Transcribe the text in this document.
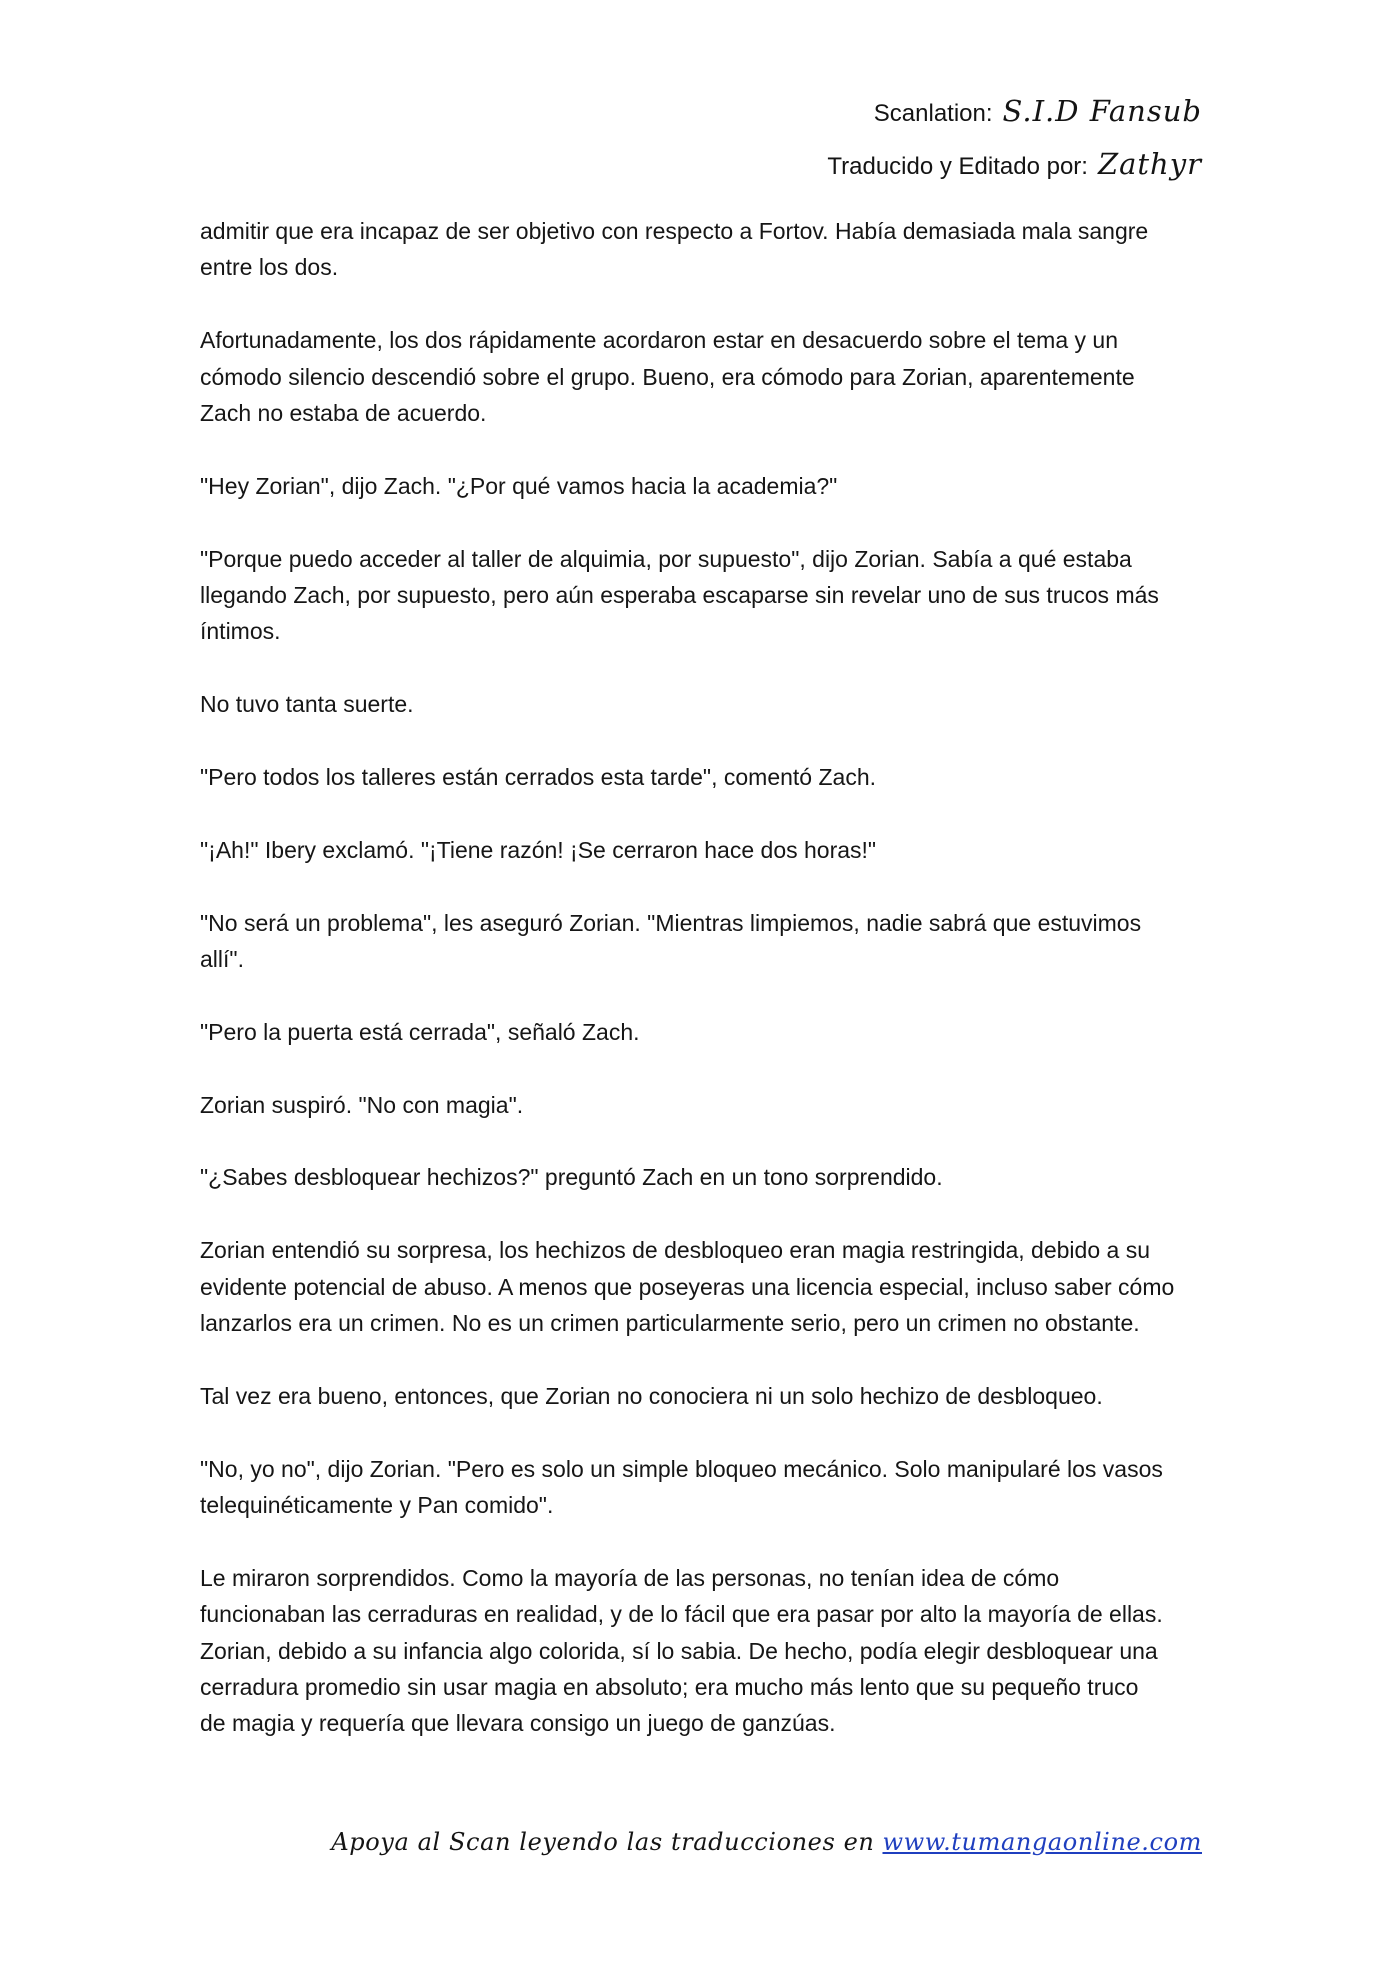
Scanlation: S.I.D Fansub
Traducido y Editado por: Zathyr

admitir que era incapaz de ser objetivo con respecto a Fortov. Había demasiada mala sangre
entre los dos.

Afortunadamente, los dos rápidamente acordaron estar en desacuerdo sobre el tema y un
cómodo silencio descendió sobre el grupo. Bueno, era cómodo para Zorian, aparentemente
Zach no estaba de acuerdo.

"Hey Zorian", dijo Zach. "¿Por qué vamos hacia la academia?"

"Porque puedo acceder al taller de alquimia, por supuesto", dijo Zorian. Sabía a qué estaba
llegando Zach, por supuesto, pero aún esperaba escaparse sin revelar uno de sus trucos más
íntimos.

No tuvo tanta suerte.

"Pero todos los talleres están cerrados esta tarde", comentó Zach.

"¡Ah!" Ibery exclamó. "¡Tiene razón! ¡Se cerraron hace dos horas!"

"No será un problema", les aseguró Zorian. "Mientras limpiemos, nadie sabrá que estuvimos
allí".

"Pero la puerta está cerrada", señaló Zach.

Zorian suspiró. "No con magia".

"¿Sabes desbloquear hechizos?" preguntó Zach en un tono sorprendido.

Zorian entendió su sorpresa, los hechizos de desbloqueo eran magia restringida, debido a su
evidente potencial de abuso. A menos que poseyeras una licencia especial, incluso saber cómo
lanzarlos era un crimen. No es un crimen particularmente serio, pero un crimen no obstante.

Tal vez era bueno, entonces, que Zorian no conociera ni un solo hechizo de desbloqueo.

"No, yo no", dijo Zorian. "Pero es solo un simple bloqueo mecánico. Solo manipularé los vasos
telequinéticamente y Pan comido".

Le miraron sorprendidos. Como la mayoría de las personas, no tenían idea de cómo
funcionaban las cerraduras en realidad, y de lo fácil que era pasar por alto la mayoría de ellas.
Zorian, debido a su infancia algo colorida, sí lo sabia. De hecho, podía elegir desbloquear una
cerradura promedio sin usar magia en absoluto; era mucho más lento que su pequeño truco
de magia y requería que llevara consigo un juego de ganzúas.

Apoya al Scan leyendo las traducciones en www.tumangaonline.com
